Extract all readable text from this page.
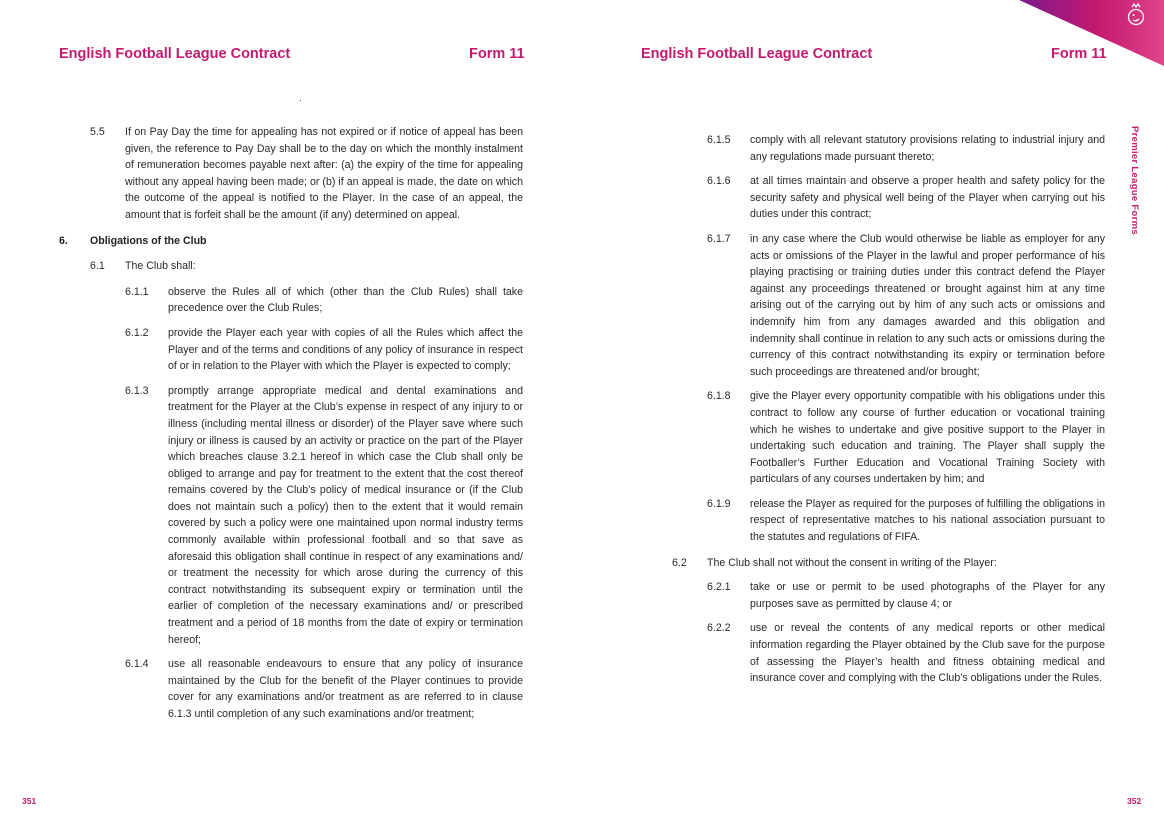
English Football League Contract	Form 11	English Football League Contract	Form 11
Premier League Forms
5.5	If on Pay Day the time for appealing has not expired or if notice of appeal has been given, the reference to Pay Day shall be to the day on which the monthly instalment of remuneration becomes payable next after: (a) the expiry of the time for appealing without any appeal having been made; or (b) if an appeal is made, the date on which the outcome of the appeal is notified to the Player. In the case of an appeal, the amount that is forfeit shall be the amount (if any) determined on appeal.
6.	Obligations of the Club
6.1	The Club shall:
6.1.1	observe the Rules all of which (other than the Club Rules) shall take precedence over the Club Rules;
6.1.2	provide the Player each year with copies of all the Rules which affect the Player and of the terms and conditions of any policy of insurance in respect of or in relation to the Player with which the Player is expected to comply;
6.1.3	promptly arrange appropriate medical and dental examinations and treatment for the Player at the Club’s expense in respect of any injury to or illness (including mental illness or disorder) of the Player save where such injury or illness is caused by an activity or practice on the part of the Player which breaches clause 3.2.1 hereof in which case the Club shall only be obliged to arrange and pay for treatment to the extent that the cost thereof remains covered by the Club’s policy of medical insurance or (if the Club does not maintain such a policy) then to the extent that it would remain covered by such a policy were one maintained upon normal industry terms commonly available within professional football and so that save as aforesaid this obligation shall continue in respect of any examinations and/ or treatment the necessity for which arose during the currency of this contract notwithstanding its subsequent expiry or termination until the earlier of completion of the necessary examinations and/ or prescribed treatment and a period of 18 months from the date of expiry or termination hereof;
6.1.4	use all reasonable endeavours to ensure that any policy of insurance maintained by the Club for the benefit of the Player continues to provide cover for any examinations and/or treatment as are referred to in clause 6.1.3 until completion of any such examinations and/or treatment;
6.1.5	comply with all relevant statutory provisions relating to industrial injury and any regulations made pursuant thereto;
6.1.6	at all times maintain and observe a proper health and safety policy for the security safety and physical well being of the Player when carrying out his duties under this contract;
6.1.7	in any case where the Club would otherwise be liable as employer for any acts or omissions of the Player in the lawful and proper performance of his playing practising or training duties under this contract defend the Player against any proceedings threatened or brought against him at any time arising out of the carrying out by him of any such acts or omissions and indemnify him from any damages awarded and this obligation and indemnity shall continue in relation to any such acts or omissions during the currency of this contract notwithstanding its expiry or termination before such proceedings are threatened and/or brought;
6.1.8	give the Player every opportunity compatible with his obligations under this contract to follow any course of further education or vocational training which he wishes to undertake and give positive support to the Player in undertaking such education and training. The Player shall supply the Footballer’s Further Education and Vocational Training Society with particulars of any courses undertaken by him; and
6.1.9	release the Player as required for the purposes of fulfilling the obligations in respect of representative matches to his national association pursuant to the statutes and regulations of FIFA.
6.2	The Club shall not without the consent in writing of the Player:
6.2.1	take or use or permit to be used photographs of the Player for any purposes save as permitted by clause 4; or
6.2.2	use or reveal the contents of any medical reports or other medical information regarding the Player obtained by the Club save for the purpose of assessing the Player’s health and fitness obtaining medical and insurance cover and complying with the Club’s obligations under the Rules.
351	352
